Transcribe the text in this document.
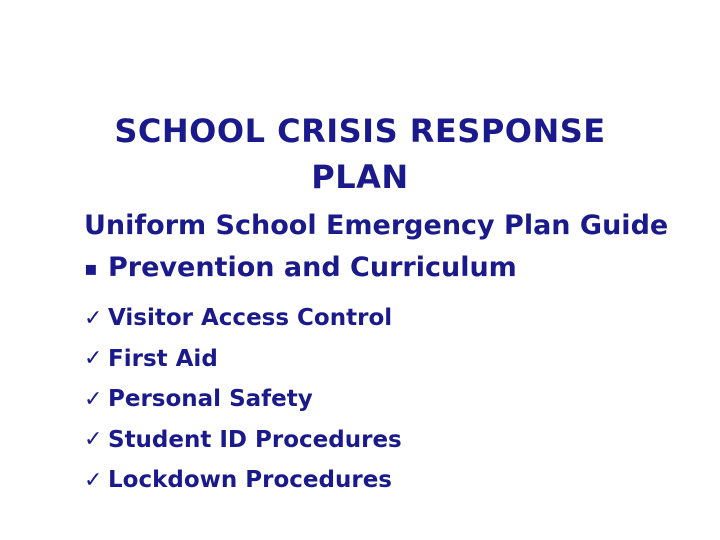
SCHOOL CRISIS RESPONSE
PLAN
Uniform School Emergency Plan Guide
▪ Prevention and Curriculum
✓ Visitor Access Control
✓ First Aid
✓ Personal Safety
✓ Student ID Procedures
✓ Lockdown Procedures
